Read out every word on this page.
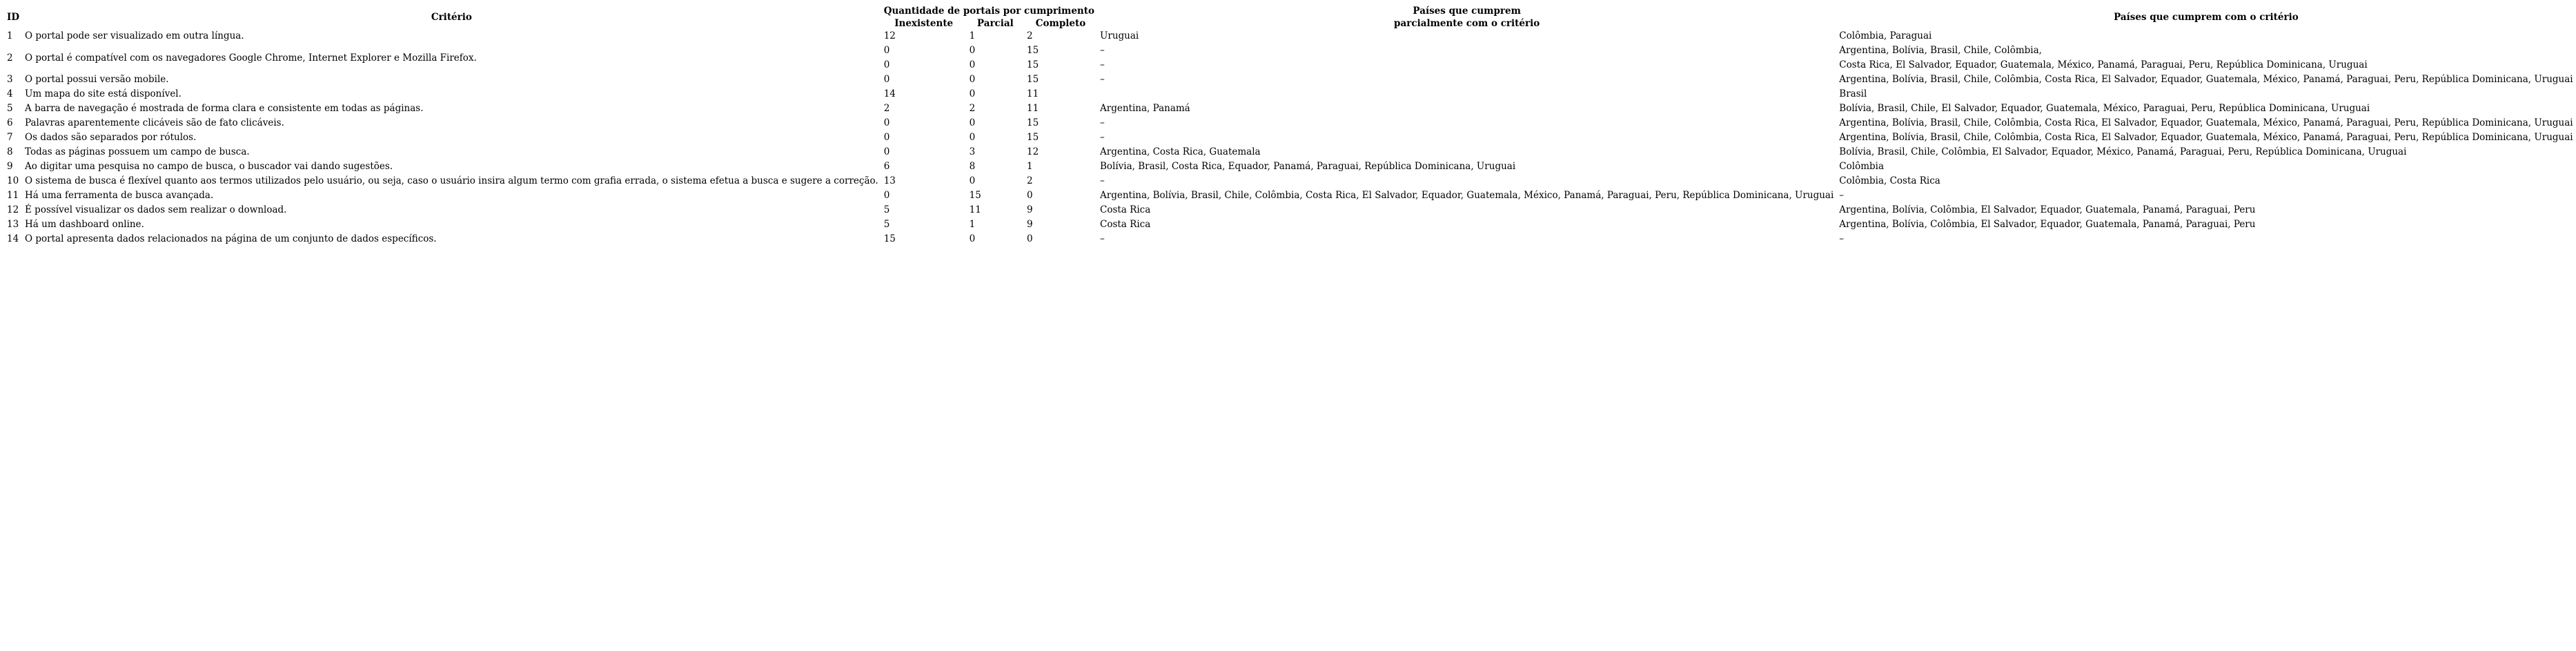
ID	Critério	Quantidade de portais por cumprimento			Países que cumprem	Países que cumprem com o critério
		Inexistente	Parcial	Completo	parcialmente com o critério	
1	O portal pode ser visualizado em outra língua.	12	1	2	Uruguai	Colômbia, Paraguai
2	O portal é compatível com os navegadores Google Chrome, Internet Explorer e Mozilla Firefox.	0	0	15	–	Argentina, Bolívia, Brasil, Chile, Colômbia,
		0	0	15	–	Costa Rica, El Salvador, Equador, Guatemala, México, Panamá, Paraguai, Peru, República Dominicana, Uruguai
3	O portal possui versão mobile.	0	0	15	–	Argentina, Bolívia, Brasil, Chile, Colômbia, Costa Rica, El Salvador, Equador, Guatemala, México, Panamá, Paraguai, Peru, República Dominicana, Uruguai
4	Um mapa do site está disponível.	14	0	11		Brasil
5	A barra de navegação é mostrada de forma clara e consistente em todas as páginas.	2	2	11	Argentina, Panamá	Bolívia, Brasil, Chile, El Salvador, Equador, Guatemala, México, Paraguai, Peru, República Dominicana, Uruguai
6	Palavras aparentemente clicáveis são de fato clicáveis.	0	0	15	–	Argentina, Bolívia, Brasil, Chile, Colômbia, Costa Rica, El Salvador, Equador, Guatemala, México, Panamá, Paraguai, Peru, República Dominicana, Uruguai
7	Os dados são separados por rótulos.	0	0	15	–	Argentina, Bolívia, Brasil, Chile, Colômbia, Costa Rica, El Salvador, Equador, Guatemala, México, Panamá, Paraguai, Peru, República Dominicana, Uruguai
8	Todas as páginas possuem um campo de busca.	0	3	12	Argentina, Costa Rica, Guatemala	Bolívia, Brasil, Chile, Colômbia, El Salvador, Equador, México, Panamá, Paraguai, Peru, República Dominicana, Uruguai
9	Ao digitar uma pesquisa no campo de busca, o buscador vai dando sugestões.	6	8	1	Bolívia, Brasil, Costa Rica, Equador, Panamá, Paraguai, República Dominicana, Uruguai	Colômbia
10	O sistema de busca é flexível quanto aos termos utilizados pelo usuário, ou seja, caso o usuário insira algum termo com grafia errada, o sistema efetua a busca e sugere a correção.	13	0	2	–	Colômbia, Costa Rica
11	Há uma ferramenta de busca avançada.	0	15	0	Argentina, Bolívia, Brasil, Chile, Colômbia, Costa Rica, El Salvador, Equador, Guatemala, México, Panamá, Paraguai, Peru, República Dominicana, Uruguai	–
12	É possível visualizar os dados sem realizar o download.	5	11	9	Costa Rica	Argentina, Bolívia, Colômbia, El Salvador, Equador, Guatemala, Panamá, Paraguai, Peru
13	Há um dashboard online.	5	1	9	Costa Rica	Argentina, Bolívia, Colômbia, El Salvador, Equador, Guatemala, Panamá, Paraguai, Peru
14	O portal apresenta dados relacionados na página de um conjunto de dados específicos.	15	0	0	–	–
